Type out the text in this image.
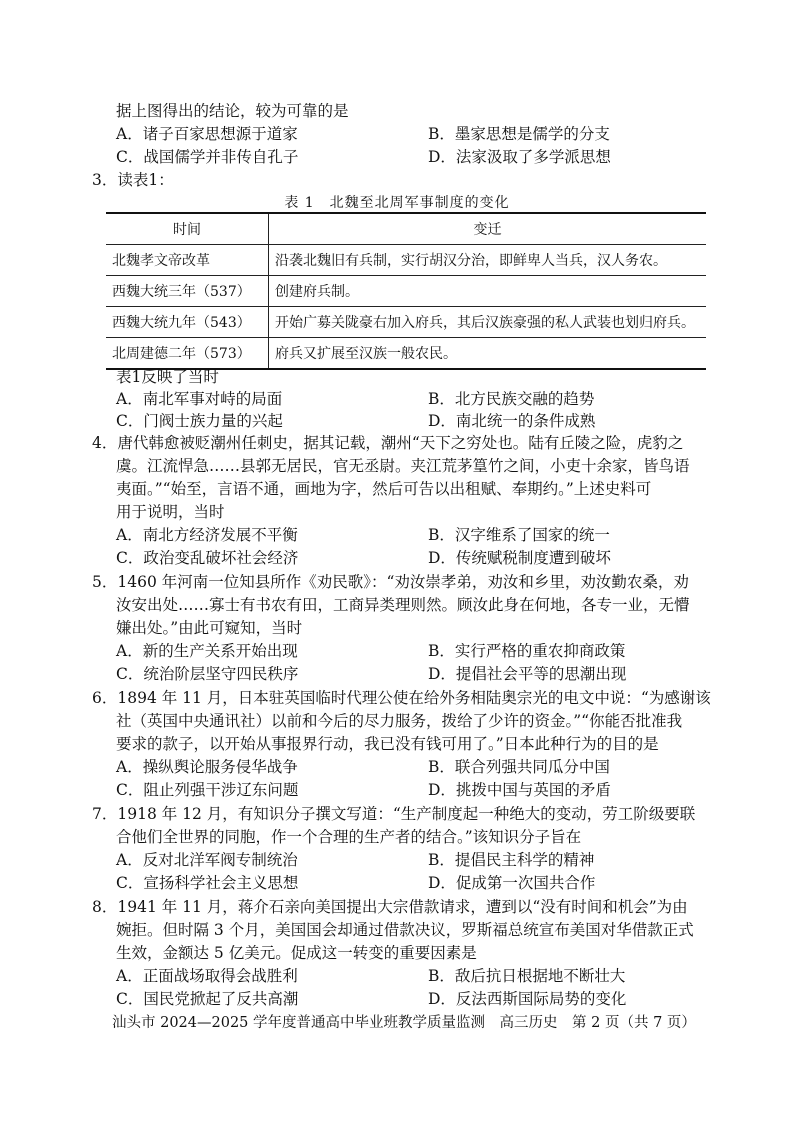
据上图得出的结论，较为可靠的是
A．诸子百家思想源于道家	B．墨家思想是儒学的分支
C．战国儒学并非传自孔子	D．法家汲取了多学派思想
3．读表1：
表 1　北魏至北周军事制度的变化
时间	变迁
北魏孝文帝改革	沿袭北魏旧有兵制，实行胡汉分治，即鲜卑人当兵，汉人务农。
西魏大统三年（537）	创建府兵制。
西魏大统九年（543）	开始广募关陇豪右加入府兵，其后汉族豪强的私人武装也划归府兵。
北周建德二年（573）	府兵又扩展至汉族一般农民。
表1反映了当时
A．南北军事对峙的局面	B．北方民族交融的趋势
C．门阀士族力量的兴起	D．南北统一的条件成熟
4．唐代韩愈被贬潮州任刺史，据其记载，潮州“天下之穷处也。陆有丘陵之险，虎豹之
虞。江流悍急……县郭无居民，官无丞尉。夹江荒茅篁竹之间，小吏十余家，皆鸟语
夷面。”“始至，言语不通，画地为字，然后可告以出租赋、奉期约。”上述史料可
用于说明，当时
A．南北方经济发展不平衡	B．汉字维系了国家的统一
C．政治变乱破坏社会经济	D．传统赋税制度遭到破坏
5．1460 年河南一位知县所作《劝民歌》：“劝汝崇孝弟，劝汝和乡里，劝汝勤农桑，劝
汝安出处……寡士有书农有田，工商异类理则然。顾汝此身在何地，各专一业，无懵
嫌出处。”由此可窥知，当时
A．新的生产关系开始出现	B．实行严格的重农抑商政策
C．统治阶层坚守四民秩序	D．提倡社会平等的思潮出现
6．1894 年 11 月，日本驻英国临时代理公使在给外务相陆奥宗光的电文中说：“为感谢该
社（英国中央通讯社）以前和今后的尽力服务，拨给了少许的资金。”“你能否批准我
要求的款子，以开始从事报界行动，我已没有钱可用了。”日本此种行为的目的是
A．操纵舆论服务侵华战争	B．联合列强共同瓜分中国
C．阻止列强干涉辽东问题	D．挑拨中国与英国的矛盾
7．1918 年 12 月，有知识分子撰文写道：“生产制度起一种绝大的变动，劳工阶级要联
合他们全世界的同胞，作一个合理的生产者的结合。”该知识分子旨在
A．反对北洋军阀专制统治	B．提倡民主科学的精神
C．宣扬科学社会主义思想	D．促成第一次国共合作
8．1941 年 11 月，蒋介石亲向美国提出大宗借款请求，遭到以“没有时间和机会”为由
婉拒。但时隔 3 个月，美国国会却通过借款决议，罗斯福总统宣布美国对华借款正式
生效，金额达 5 亿美元。促成这一转变的重要因素是
A．正面战场取得会战胜利	B．敌后抗日根据地不断壮大
C．国民党掀起了反共高潮	D．反法西斯国际局势的变化
汕头市 2024—2025 学年度普通高中毕业班教学质量监测　高三历史　第 2 页（共 7 页）
